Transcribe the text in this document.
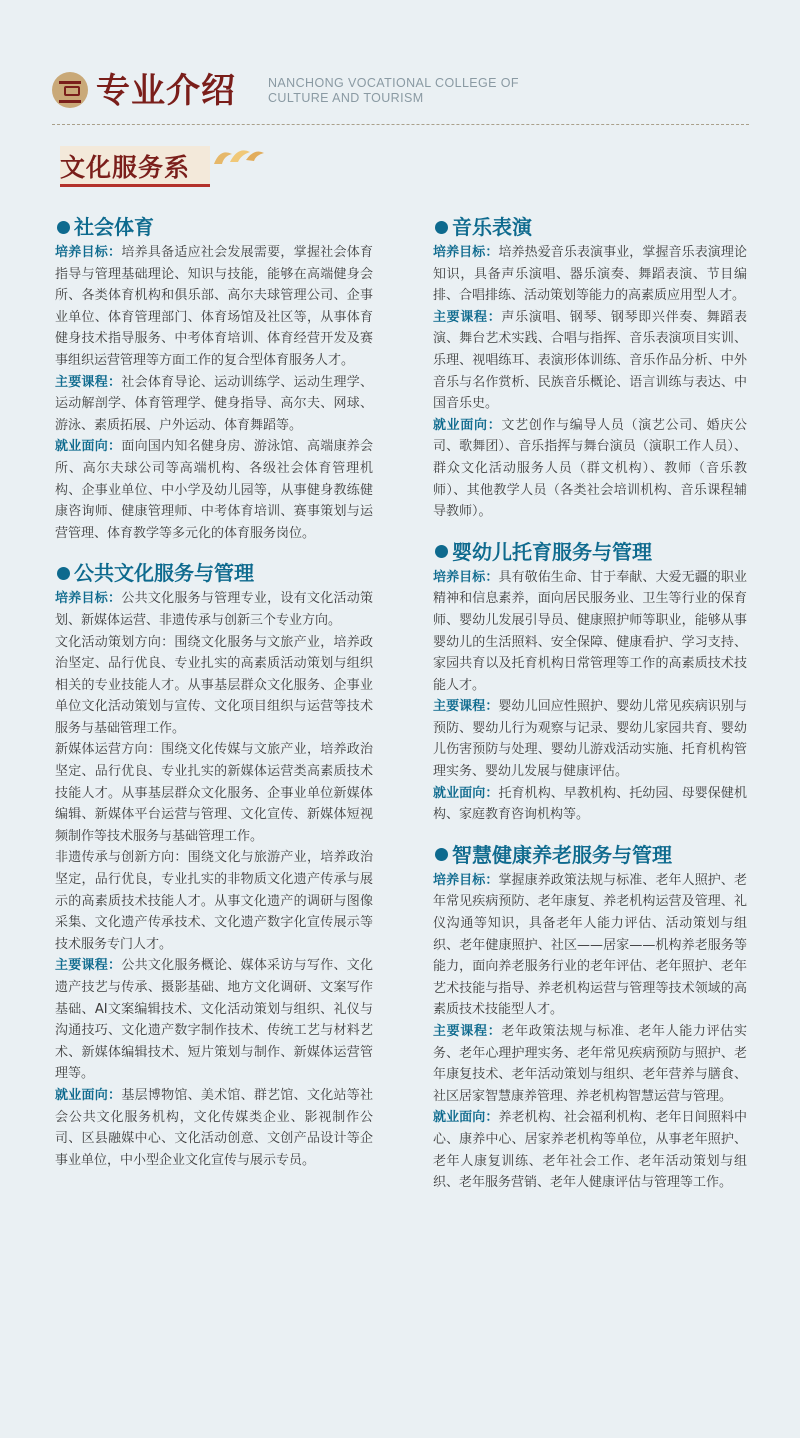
专业介绍	NANCHONG VOCATIONAL COLLEGE OF
CULTURE AND TOURISM
文化服务系
社会体育

培养目标：培养具备适应社会发展需要，掌握社会体育指导与管理基础理论、知识与技能，能够在高端健身会所、各类体育机构和俱乐部、高尔夫球管理公司、企事业单位、体育管理部门、体育场馆及社区等，从事体育健身技术指导服务、中考体育培训、体育经营开发及赛事组织运营管理等方面工作的复合型体育服务人才。

主要课程：社会体育导论、运动训练学、运动生理学、运动解剖学、体育管理学、健身指导、高尔夫、网球、游泳、素质拓展、户外运动、体育舞蹈等。

就业面向：面向国内知名健身房、游泳馆、高端康养会所、高尔夫球公司等高端机构、各级社会体育管理机构、企事业单位、中小学及幼儿园等，从事健身教练健康咨询师、健康管理师、中考体育培训、赛事策划与运营管理、体育教学等多元化的体育服务岗位。

公共文化服务与管理

培养目标：公共文化服务与管理专业，设有文化活动策划、新媒体运营、非遗传承与创新三个专业方向。

文化活动策划方向：围绕文化服务与文旅产业，培养政治坚定、品行优良、专业扎实的高素质活动策划与组织相关的专业技能人才。从事基层群众文化服务、企事业单位文化活动策划与宣传、文化项目组织与运营等技术服务与基础管理工作。

新媒体运营方向：围绕文化传媒与文旅产业，培养政治坚定、品行优良、专业扎实的新媒体运营类高素质技术技能人才。从事基层群众文化服务、企事业单位新媒体编辑、新媒体平台运营与管理、文化宣传、新媒体短视频制作等技术服务与基础管理工作。

非遗传承与创新方向：围绕文化与旅游产业，培养政治坚定，品行优良，专业扎实的非物质文化遗产传承与展示的高素质技术技能人才。从事文化遗产的调研与图像采集、文化遗产传承技术、文化遗产数字化宣传展示等技术服务专门人才。

主要课程：公共文化服务概论、媒体采访与写作、文化遗产技艺与传承、摄影基础、地方文化调研、文案写作基础、AI文案编辑技术、文化活动策划与组织、礼仪与沟通技巧、文化遗产数字制作技术、传统工艺与材料艺术、新媒体编辑技术、短片策划与制作、新媒体运营管理等。

就业面向：基层博物馆、美术馆、群艺馆、文化站等社会公共文化服务机构，文化传媒类企业、影视制作公司、区县融媒中心、文化活动创意、文创产品设计等企事业单位，中小型企业文化宣传与展示专员。

音乐表演

培养目标：培养热爱音乐表演事业，掌握音乐表演理论知识，具备声乐演唱、器乐演奏、舞蹈表演、节目编排、合唱排练、活动策划等能力的高素质应用型人才。

主要课程：声乐演唱、钢琴、钢琴即兴伴奏、舞蹈表演、舞台艺术实践、合唱与指挥、音乐表演项目实训、乐理、视唱练耳、表演形体训练、音乐作品分析、中外音乐与名作赏析、民族音乐概论、语言训练与表达、中国音乐史。

就业面向：文艺创作与编导人员（演艺公司、婚庆公司、歌舞团）、音乐指挥与舞台演员（演职工作人员）、群众文化活动服务人员（群文机构）、教师（音乐教师）、其他教学人员（各类社会培训机构、音乐课程辅导教师）。

婴幼儿托育服务与管理

培养目标：具有敬佑生命、甘于奉献、大爱无疆的职业精神和信息素养，面向居民服务业、卫生等行业的保育师、婴幼儿发展引导员、健康照护师等职业，能够从事婴幼儿的生活照料、安全保障、健康看护、学习支持、家园共育以及托育机构日常管理等工作的高素质技术技能人才。

主要课程：婴幼儿回应性照护、婴幼儿常见疾病识别与预防、婴幼儿行为观察与记录、婴幼儿家园共育、婴幼儿伤害预防与处理、婴幼儿游戏活动实施、托育机构管理实务、婴幼儿发展与健康评估。

就业面向：托育机构、早教机构、托幼园、母婴保健机构、家庭教育咨询机构等。

智慧健康养老服务与管理

培养目标：掌握康养政策法规与标准、老年人照护、老年常见疾病预防、老年康复、养老机构运营及管理、礼仪沟通等知识，具备老年人能力评估、活动策划与组织、老年健康照护、社区——居家——机构养老服务等能力，面向养老服务行业的老年评估、老年照护、老年艺术技能与指导、养老机构运营与管理等技术领域的高素质技术技能型人才。

主要课程：老年政策法规与标准、老年人能力评估实务、老年心理护理实务、老年常见疾病预防与照护、老年康复技术、老年活动策划与组织、老年营养与膳食、社区居家智慧康养管理、养老机构智慧运营与管理。

就业面向：养老机构、社会福利机构、老年日间照料中心、康养中心、居家养老机构等单位，从事老年照护、老年人康复训练、老年社会工作、老年活动策划与组织、老年服务营销、老年人健康评估与管理等工作。
